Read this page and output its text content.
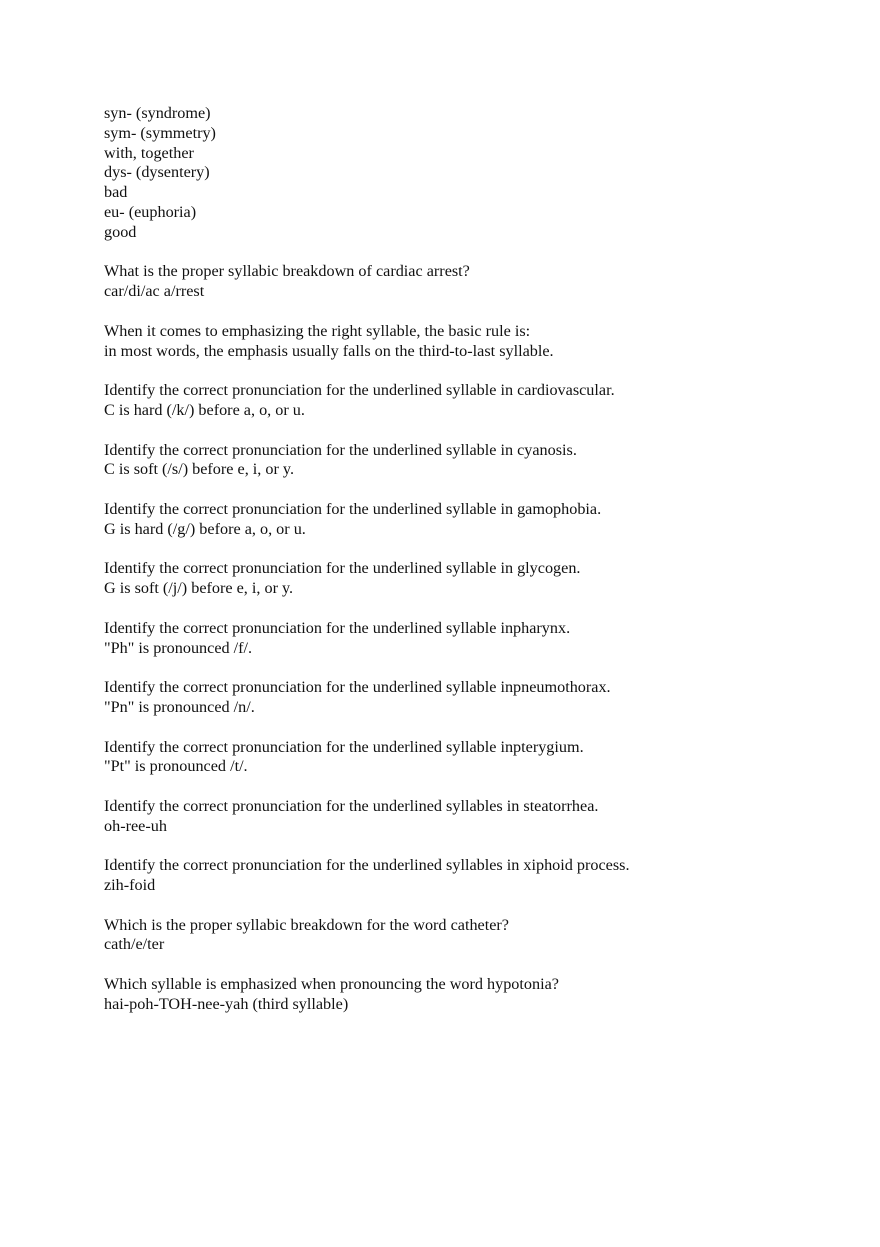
syn- (syndrome)
sym- (symmetry)
with, together
dys- (dysentery)
bad
eu- (euphoria)
good
What is the proper syllabic breakdown of cardiac arrest?
car/di/ac a/rrest
When it comes to emphasizing the right syllable, the basic rule is:
in most words, the emphasis usually falls on the third-to-last syllable.
Identify the correct pronunciation for the underlined syllable in cardiovascular.
C is hard (/k/) before a, o, or u.
Identify the correct pronunciation for the underlined syllable in cyanosis.
C is soft (/s/) before e, i, or y.
Identify the correct pronunciation for the underlined syllable in gamophobia.
G is hard (/g/) before a, o, or u.
Identify the correct pronunciation for the underlined syllable in glycogen.
G is soft (/j/) before e, i, or y.
Identify the correct pronunciation for the underlined syllable inpharynx.
"Ph" is pronounced /f/.
Identify the correct pronunciation for the underlined syllable inpneumothorax.
"Pn" is pronounced /n/.
Identify the correct pronunciation for the underlined syllable inpterygium.
"Pt" is pronounced /t/.
Identify the correct pronunciation for the underlined syllables in steatorrhea.
oh-ree-uh
Identify the correct pronunciation for the underlined syllables in xiphoid process.
zih-foid
Which is the proper syllabic breakdown for the word catheter?
cath/e/ter
Which syllable is emphasized when pronouncing the word hypotonia?
hai-poh-TOH-nee-yah (third syllable)
